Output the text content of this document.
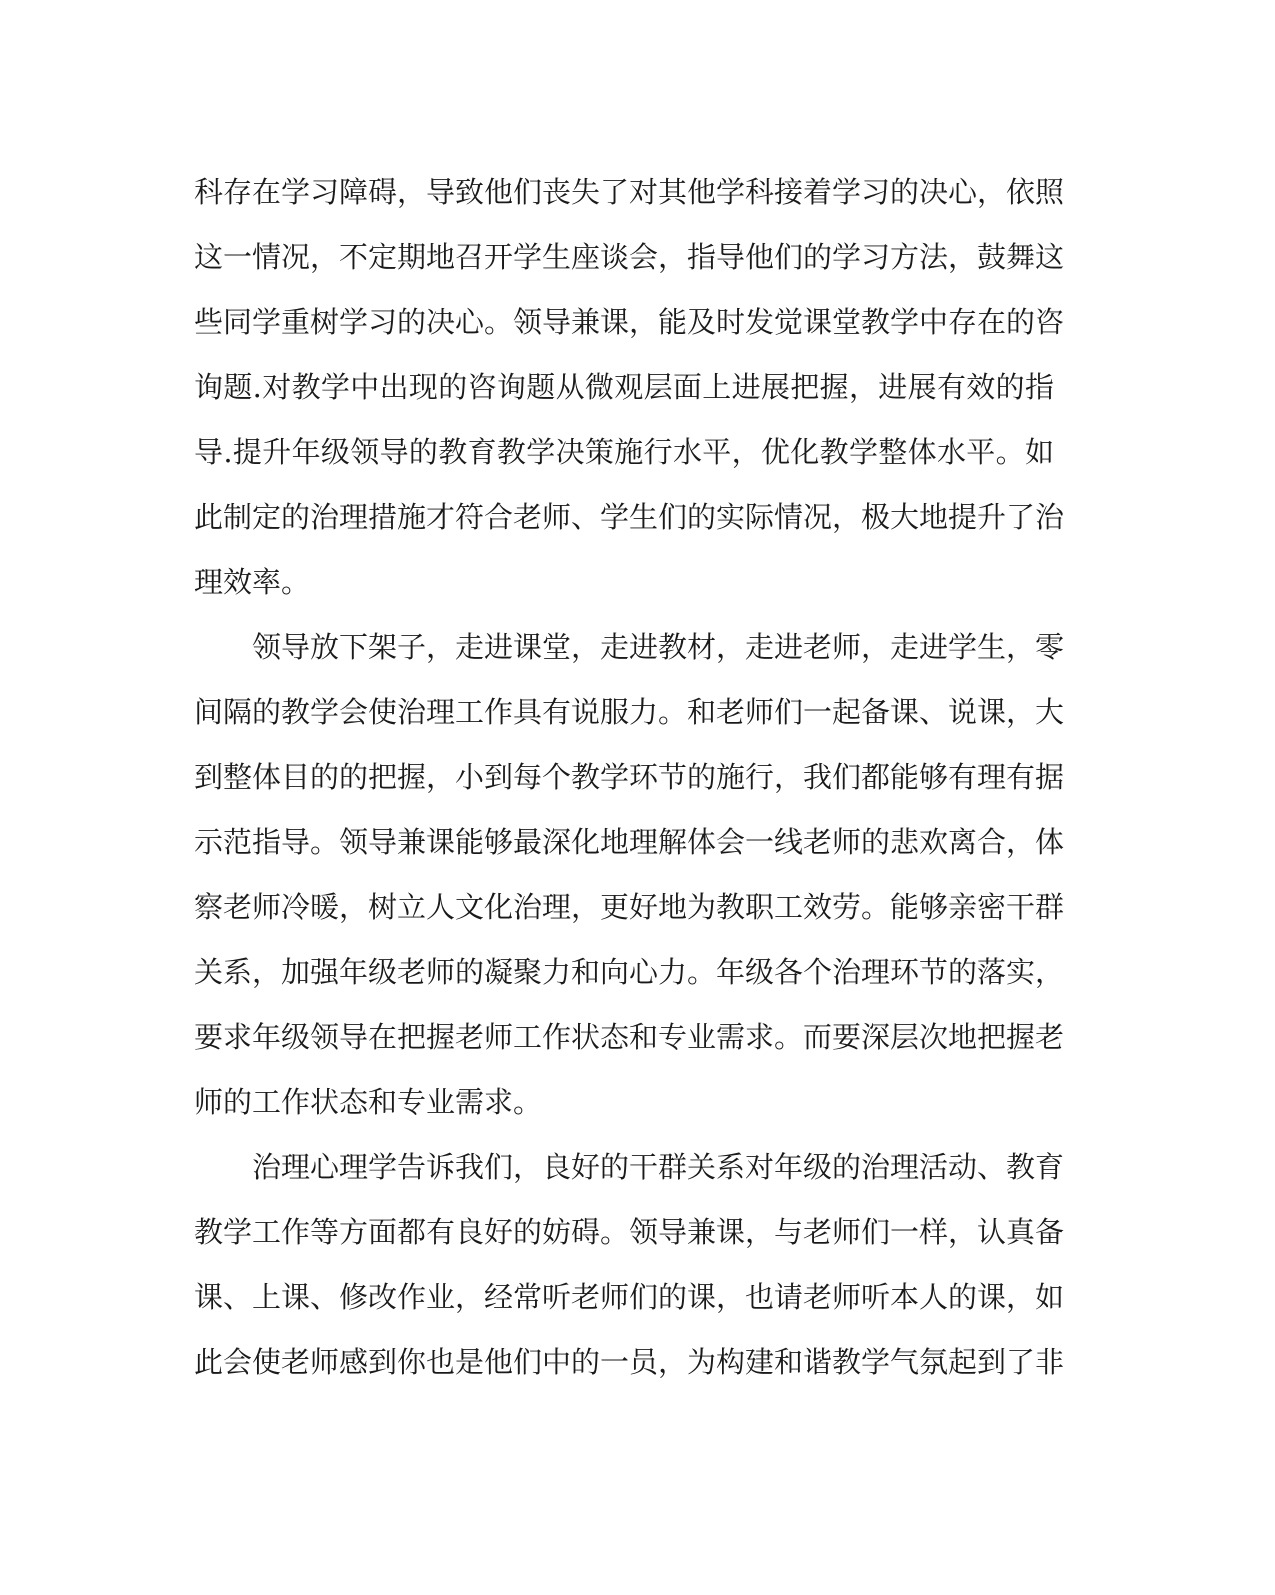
科存在学习障碍，导致他们丧失了对其他学科接着学习的决心，依照
这一情况，不定期地召开学生座谈会，指导他们的学习方法，鼓舞这
些同学重树学习的决心。领导兼课，能及时发觉课堂教学中存在的咨
询题.对教学中出现的咨询题从微观层面上进展把握，进展有效的指
导.提升年级领导的教育教学决策施行水平，优化教学整体水平。如
此制定的治理措施才符合老师、学生们的实际情况，极大地提升了治
理效率。
领导放下架子，走进课堂，走进教材，走进老师，走进学生，零
间隔的教学会使治理工作具有说服力。和老师们一起备课、说课，大
到整体目的的把握，小到每个教学环节的施行，我们都能够有理有据
示范指导。领导兼课能够最深化地理解体会一线老师的悲欢离合，体
察老师冷暖，树立人文化治理，更好地为教职工效劳。能够亲密干群
关系，加强年级老师的凝聚力和向心力。年级各个治理环节的落实，
要求年级领导在把握老师工作状态和专业需求。而要深层次地把握老
师的工作状态和专业需求。
治理心理学告诉我们，良好的干群关系对年级的治理活动、教育
教学工作等方面都有良好的妨碍。领导兼课，与老师们一样，认真备
课、上课、修改作业，经常听老师们的课，也请老师听本人的课，如
此会使老师感到你也是他们中的一员，为构建和谐教学气氛起到了非
